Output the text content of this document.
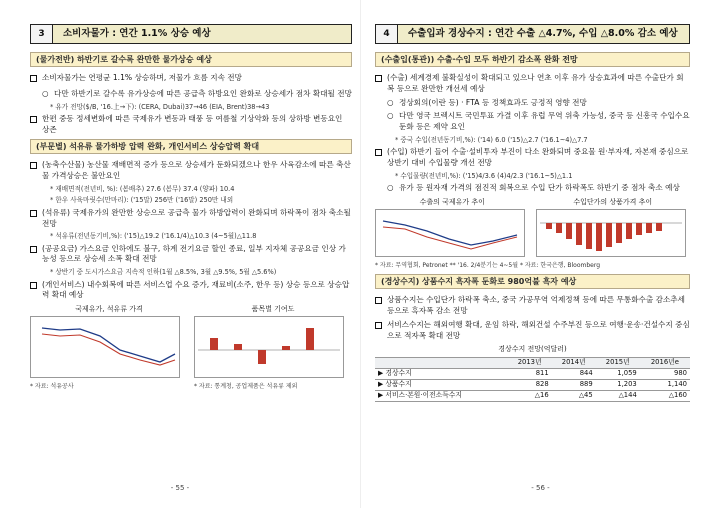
3	소비자물가 : 연간 1.1% 상승 예상
(물가전반) 하반기로 갈수록 완만한 물가상승 예상
소비자물가는 연평균 1.1% 상승하며, 저물가 흐름 지속 전망
○ 다만 하반기로 갈수록 유가상승에 따른 공급측 하방요인 완화로 상승세가 점차 확대될 전망
* 유가 전망($/B, '16.上→下): (CERA, Dubai)37→46 (EIA, Brent)38→43
한편 중동 정세변화에 따른 국제유가 변동과 태풍 등 여름철 기상악화 등의 상하방 변동요인 상존
(부문별) 석유류 물가하방 압력 완화, 개인서비스 상승압력 확대
(농축수산물) 농산물 재배면적 증가 등으로 상승세가 둔화되겠으나 한우 사육감소에 따른 축산물 가격상승은 불안요인
* 재배면적(전년비, %): (봄배추) 27.6 (봄무) 37.4 (양파) 10.4
* 한우 사육마릿수(만마리): ('15말) 256만 ('16말) 250만 내외
(석유류) 국제유가의 완만한 상승으로 공급측 물가 하방압력이 완화되며 하락폭이 점차 축소될 전망
* 석유류(전년동기비,%): ('15)△19.2 ('16.1/4)△10.3 (4~5월)△11.8
(공공요금) 가스요금 인하에도 불구, 하계 전기요금 할인 종료, 일부 지자체 공공요금 인상 가능성 등으로 상승세 소폭 확대 전망
* 상반기 중 도시가스요금 지속적 인하(1월 △8.5%, 3월 △9.5%, 5월 △5.6%)
(개인서비스) 내수회복에 따른 서비스업 수요 증가, 재료비(소주, 한우 등) 상승 등으로 상승압력 확대 예상
국제유가, 석유류 가격
* 자료: 석유공사
품목별 기여도
* 자료: 통계청, 공업제품은 석유류 제외
- 55 -
4	수출입과 경상수지 : 연간 수출 △4.7%, 수입 △8.0% 감소 예상
(수출입(통관)) 수출·수입 모두 하반기 감소폭 완화 전망
(수출) 세계경제 불확실성이 확대되고 있으나 연초 이후 유가 상승효과에 따른 수출단가 회복 등으로 완만한 개선세 예상
○ 정상회의(이란 등) · FTA 등 정책효과도 긍정적 영향 전망
○ 다만 영국 브렉시트 국민투표 가결 이후 유럽 무역 위축 가능성, 중국 등 신흥국 수입수요 둔화 등은 제약 요인
* 중국 수입(전년동기비,%): ('14) 6.0 ('15)△2.7 ('16.1~4)△7.7
(수입) 하반기 들어 수출·설비투자 부진이 다소 완화되며 중요물 원·부자재, 자본재 중심으로 상반기 대비 수입물량 개선 전망
* 수입물량(전년비,%): ('15)4/3.6 (4)4/2.3 ('16.1~5)△1.1
○ 유가 등 원자재 가격의 점진적 회복으로 수입 단가 하락폭도 하반기 중 점차 축소 예상
수출의 국제유가 추이	수입단가의 상품가격 추이
* 자료: 무역협회, Petronet ** '16. 2/4분기는 4~5월 * 자료: 한국은행, Bloomberg
(경상수지) 상품수지 흑자폭 둔화로 980억불 흑자 예상
상품수지는 수입단가 하락폭 축소, 중국 가공무역 억제정책 등에 따른 무통화수출 감소추세 등으로 흑자폭 감소 전망
서비스수지는 해외여행 확대, 운임 하락, 해외건설 수주부진 등으로 여행·운송·건설수지 중심으로 적자폭 확대 전망
경상수지 전망(억달러)
	2013년	2014년	2015년	2016년e
▶ 경상수지	811	844	1,059	980
▶ 상품수지	828	889	1,203	1,140
▶ 서비스·본원·이전소득수지	△16	△45	△144	△160
- 56 -
